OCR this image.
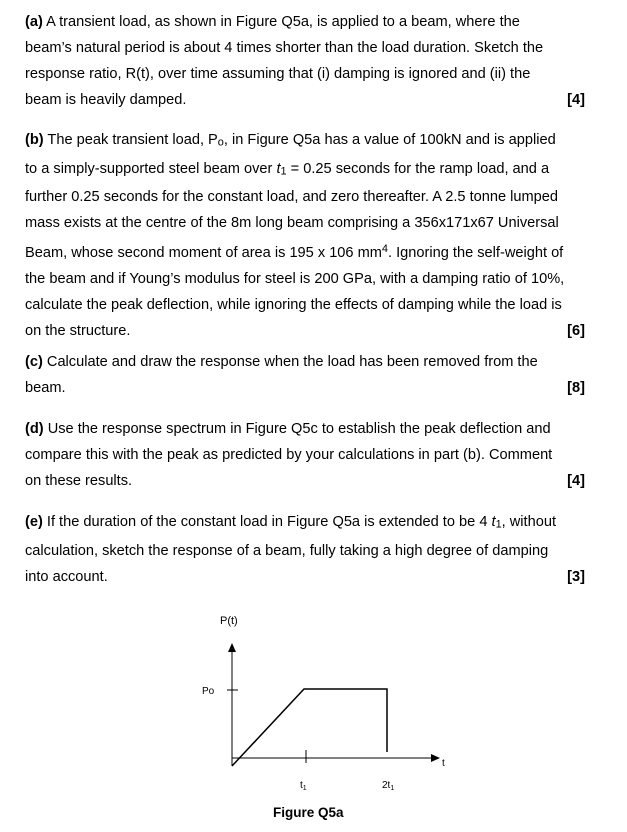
(a) A transient load, as shown in Figure Q5a, is applied to a beam, where the

beam’s natural period is about 4 times shorter than the load duration. Sketch the

response ratio, R(t), over time assuming that (i) damping is ignored and (ii) the

beam is heavily damped.	[4]

(b) The peak transient load, Po, in Figure Q5a has a value of 100kN and is applied

to a simply-supported steel beam over t1 = 0.25 seconds for the ramp load, and a

further 0.25 seconds for the constant load, and zero thereafter. A 2.5 tonne lumped

mass exists at the centre of the 8m long beam comprising a 356x171x67 Universal

Beam, whose second moment of area is 195 x 106 $mm^4$. Ignoring the self-weight of

the beam and if Young’s modulus for steel is 200 GPa, with a damping ratio of 10%,

calculate the peak deflection, while ignoring the effects of damping while the load is

on the structure.	[6]

(c) Calculate and draw the response when the load has been removed from the

beam.	[8]

(d) Use the response spectrum in Figure Q5c to establish the peak deflection and

compare this with the peak as predicted by your calculations in part (b). Comment

on these results.	[4]

(e) If the duration of the constant load in Figure Q5a is extended to be 4 t1, without

calculation, sketch the response of a beam, fully taking a high degree of damping

into account.	[3]
P(t)
t
Po
$t_1$	$2t_1$
Figure Q5a
